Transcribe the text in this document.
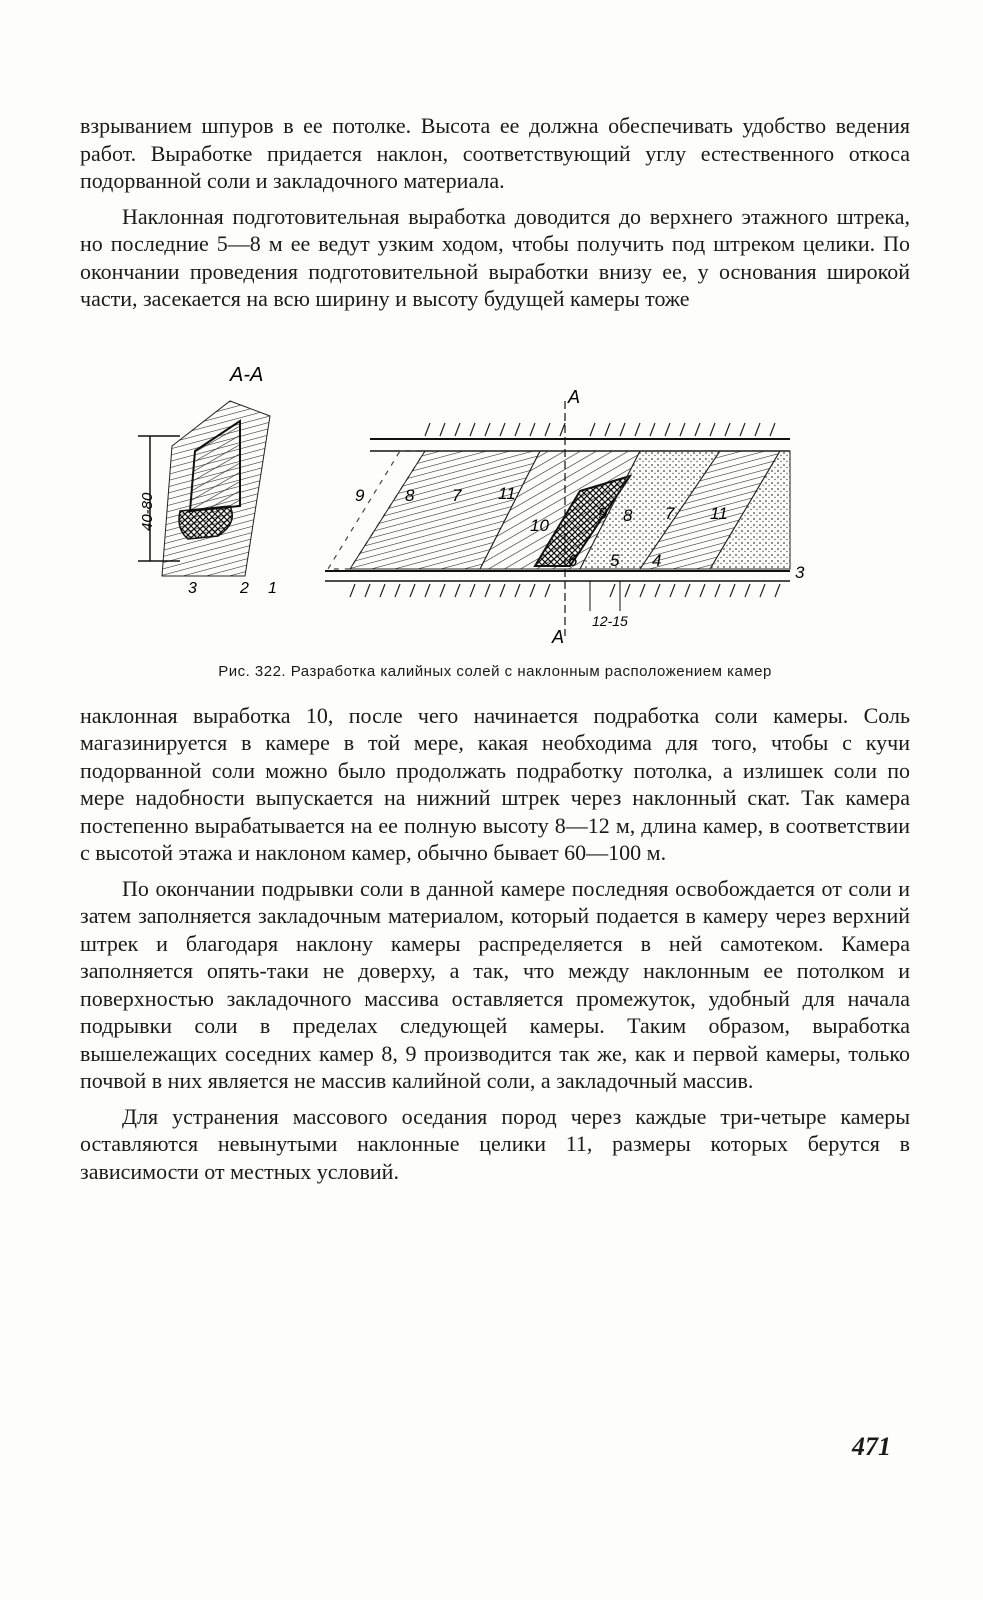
взрыванием шпуров в ее потолке. Высота ее должна обеспечивать удобство ведения работ. Выработке придается наклон, соответствующий углу естественного откоса подорванной соли и закладочного материала.

Наклонная подготовительная выработка доводится до верхнего этажного штрека, но последние 5—8 м ее ведут узким ходом, чтобы получить под штреком целики. По окончании проведения подготовительной выработки внизу ее, у основания широкой части, засекается на всю ширину и высоту будущей камеры тоже

40-80
А-А
3	2 1
А
А
12-15
9 8 7 11
10
9 8 7 11
6 5 4
3
Рис. 322. Разработка калийных солей с наклонным расположением камер

наклонная выработка 10, после чего начинается подработка соли камеры. Соль магазинируется в камере в той мере, какая необходима для того, чтобы с кучи подорванной соли можно было продолжать подработку потолка, а излишек соли по мере надобности выпускается на нижний штрек через наклонный скат. Так камера постепенно вырабатывается на ее полную высоту 8—12 м, длина камер, в соответствии с высотой этажа и наклоном камер, обычно бывает 60—100 м.

По окончании подрывки соли в данной камере последняя освобождается от соли и затем заполняется закладочным материалом, который подается в камеру через верхний штрек и благодаря наклону камеры распределяется в ней самотеком. Камера заполняется опять-таки не доверху, а так, что между наклонным ее потолком и поверхностью закладочного массива оставляется промежуток, удобный для начала подрывки соли в пределах следующей камеры. Таким образом, выработка вышележащих соседних камер 8, 9 производится так же, как и первой камеры, только почвой в них является не массив калийной соли, а закладочный массив.

Для устранения массового оседания пород через каждые три-четыре камеры оставляются невынутыми наклонные целики 11, размеры которых берутся в зависимости от местных условий.

471
